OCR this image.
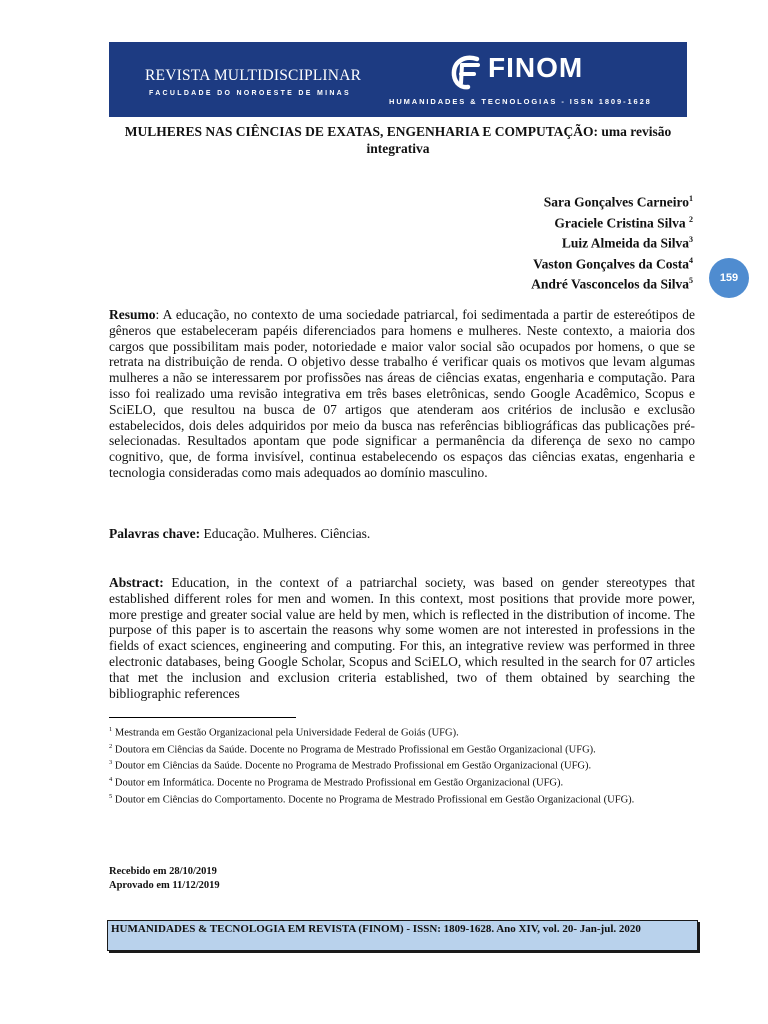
REVISTA MULTIDISCIPLINAR
FACULDADE DO NOROESTE DE MINAS
FINOM
HUMANIDADES & TECNOLOGIAS - ISSN 1809-1628
MULHERES NAS CIÊNCIAS DE EXATAS, ENGENHARIA E COMPUTAÇÃO: uma revisão integrativa
Sara Gonçalves Carneiro$^1$
Graciele Cristina Silva $^2$
Luiz Almeida da Silva$^3$
Vaston Gonçalves da Costa$^4$
André Vasconcelos da Silva$^5$	159

Resumo: A educação, no contexto de uma sociedade patriarcal, foi sedimentada a partir de estereótipos de gêneros que estabeleceram papéis diferenciados para homens e mulheres. Neste contexto, a maioria dos cargos que possibilitam mais poder, notoriedade e maior valor social são ocupados por homens, o que se retrata na distribuição de renda. O objetivo desse trabalho é verificar quais os motivos que levam algumas mulheres a não se interessarem por profissões nas áreas de ciências exatas, engenharia e computação. Para isso foi realizado uma revisão integrativa em três bases eletrônicas, sendo Google Acadêmico, Scopus e SciELO, que resultou na busca de 07 artigos que atenderam aos critérios de inclusão e exclusão estabelecidos, dois deles adquiridos por meio da busca nas referências bibliográficas das publicações pré-selecionadas. Resultados apontam que pode significar a permanência da diferença de sexo no campo cognitivo, que, de forma invisível, continua estabelecendo os espaços das ciências exatas, engenharia e tecnologia consideradas como mais adequados ao domínio masculino.

Palavras chave: Educação. Mulheres. Ciências.

Abstract: Education, in the context of a patriarchal society, was based on gender stereotypes that established different roles for men and women. In this context, most positions that provide more power, more prestige and greater social value are held by men, which is reflected in the distribution of income. The purpose of this paper is to ascertain the reasons why some women are not interested in professions in the fields of exact sciences, engineering and computing. For this, an integrative review was performed in three electronic databases, being Google Scholar, Scopus and SciELO, which resulted in the search for 07 articles that met the inclusion and exclusion criteria established, two of them obtained by searching the bibliographic references

$^1$ Mestranda em Gestão Organizacional pela Universidade Federal de Goiás (UFG).
$^2$ Doutora em Ciências da Saúde. Docente no Programa de Mestrado Profissional em Gestão Organizacional (UFG).
$^3$ Doutor em Ciências da Saúde. Docente no Programa de Mestrado Profissional em Gestão Organizacional (UFG).
$^4$ Doutor em Informática. Docente no Programa de Mestrado Profissional em Gestão Organizacional (UFG).
$^5$ Doutor em Ciências do Comportamento. Docente no Programa de Mestrado Profissional em Gestão Organizacional (UFG).
Recebido em 28/10/2019
Aprovado em 11/12/2019
HUMANIDADES & TECNOLOGIA EM REVISTA (FINOM) - ISSN: 1809-1628. Ano XIV, vol. 20- Jan-jul. 2020
